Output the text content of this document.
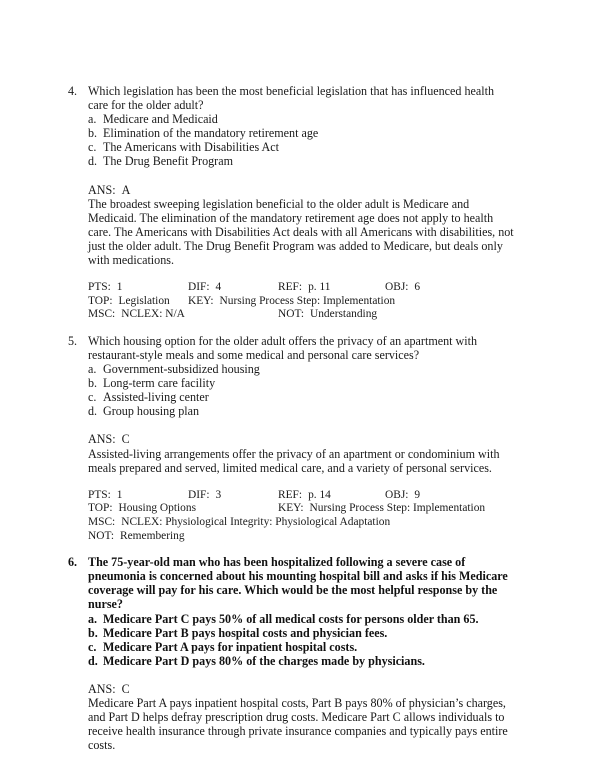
4. Which legislation has been the most beneficial legislation that has influenced health care for the older adult?
a. Medicare and Medicaid
b. Elimination of the mandatory retirement age
c. The Americans with Disabilities Act
d. The Drug Benefit Program
ANS: A
The broadest sweeping legislation beneficial to the older adult is Medicare and Medicaid. The elimination of the mandatory retirement age does not apply to health care. The Americans with Disabilities Act deals with all Americans with disabilities, not just the older adult. The Drug Benefit Program was added to Medicare, but deals only with medications.
PTS: 1	DIF: 4	REF: p. 11	OBJ: 6
TOP: Legislation KEY: Nursing Process Step: Implementation
MSC: NCLEX: N/A	NOT: Understanding
5. Which housing option for the older adult offers the privacy of an apartment with restaurant-style meals and some medical and personal care services?
a. Government-subsidized housing
b. Long-term care facility
c. Assisted-living center
d. Group housing plan
ANS: C
Assisted-living arrangements offer the privacy of an apartment or condominium with meals prepared and served, limited medical care, and a variety of personal services.
PTS: 1	DIF: 3	REF: p. 14	OBJ: 9
TOP: Housing Options	KEY: Nursing Process Step: Implementation
MSC: NCLEX: Physiological Integrity: Physiological Adaptation
NOT: Remembering
6. The 75-year-old man who has been hospitalized following a severe case of pneumonia is concerned about his mounting hospital bill and asks if his Medicare coverage will pay for his care. Which would be the most helpful response by the nurse?
a. Medicare Part C pays 50% of all medical costs for persons older than 65.
b. Medicare Part B pays hospital costs and physician fees.
c. Medicare Part A pays for inpatient hospital costs.
d. Medicare Part D pays 80% of the charges made by physicians.
ANS: C
Medicare Part A pays inpatient hospital costs, Part B pays 80% of physician’s charges, and Part D helps defray prescription drug costs. Medicare Part C allows individuals to receive health insurance through private insurance companies and typically pays entire costs.
